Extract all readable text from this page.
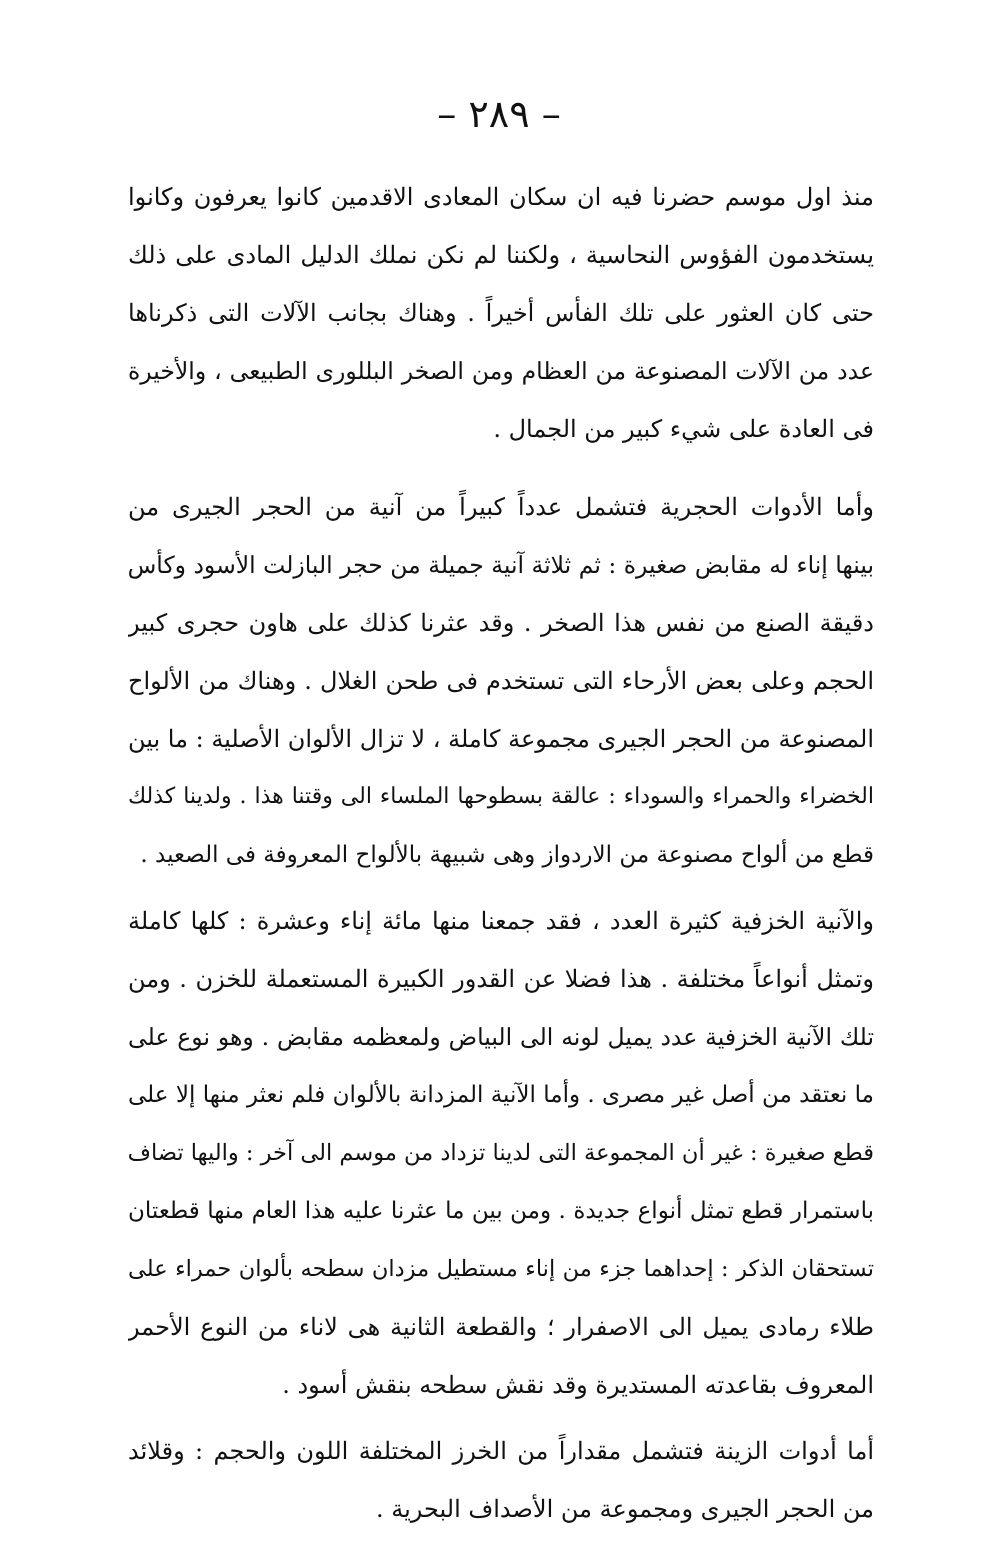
– ٢٨٩ –
منذ اول موسم حضرنا فيه ان سكان المعادى الاقدمين كانوا يعرفون وكانوا
يستخدمون الفؤوس النحاسية ، ولكننا لم نكن نملك الدليل المادى على ذلك
حتى كان العثور على تلك الفأس أخيراً . وهناك بجانب الآلات التى ذكرناها
عدد من الآلات المصنوعة من العظام ومن الصخر البللورى الطبيعى ، والأخيرة
فى العادة على شيء كبير من الجمال .
وأما الأدوات الحجرية فتشمل عدداً كبيراً من آنية من الحجر الجيرى من
بينها إناء له مقابض صغيرة : ثم ثلاثة آنية جميلة من حجر البازلت الأسود وكأس
دقيقة الصنع من نفس هذا الصخر . وقد عثرنا كذلك على هاون حجرى كبير
الحجم وعلى بعض الأرحاء التى تستخدم فى طحن الغلال . وهناك من الألواح
المصنوعة من الحجر الجيرى مجموعة كاملة ، لا تزال الألوان الأصلية : ما بين
الخضراء والحمراء والسوداء : عالقة بسطوحها الملساء الى وقتنا هذا . ولدينا كذلك
قطع من ألواح مصنوعة من الاردواز وهى شبيهة بالألواح المعروفة فى الصعيد .
والآنية الخزفية كثيرة العدد ، فقد جمعنا منها مائة إناء وعشرة : كلها كاملة
وتمثل أنواعاً مختلفة . هذا فضلا عن القدور الكبيرة المستعملة للخزن . ومن
تلك الآنية الخزفية عدد يميل لونه الى البياض ولمعظمه مقابض . وهو نوع على
ما نعتقد من أصل غير مصرى . وأما الآنية المزدانة بالألوان فلم نعثر منها إلا على
قطع صغيرة : غير أن المجموعة التى لدينا تزداد من موسم الى آخر : واليها تضاف
باستمرار قطع تمثل أنواع جديدة . ومن بين ما عثرنا عليه هذا العام منها قطعتان
تستحقان الذكر : إحداهما جزء من إناء مستطيل مزدان سطحه بألوان حمراء على
طلاء رمادى يميل الى الاصفرار ؛ والقطعة الثانية هى لاناء من النوع الأحمر
المعروف بقاعدته المستديرة وقد نقش سطحه بنقش أسود .
أما أدوات الزينة فتشمل مقداراً من الخرز المختلفة اللون والحجم : وقلائد
من الحجر الجيرى ومجموعة من الأصداف البحرية .
